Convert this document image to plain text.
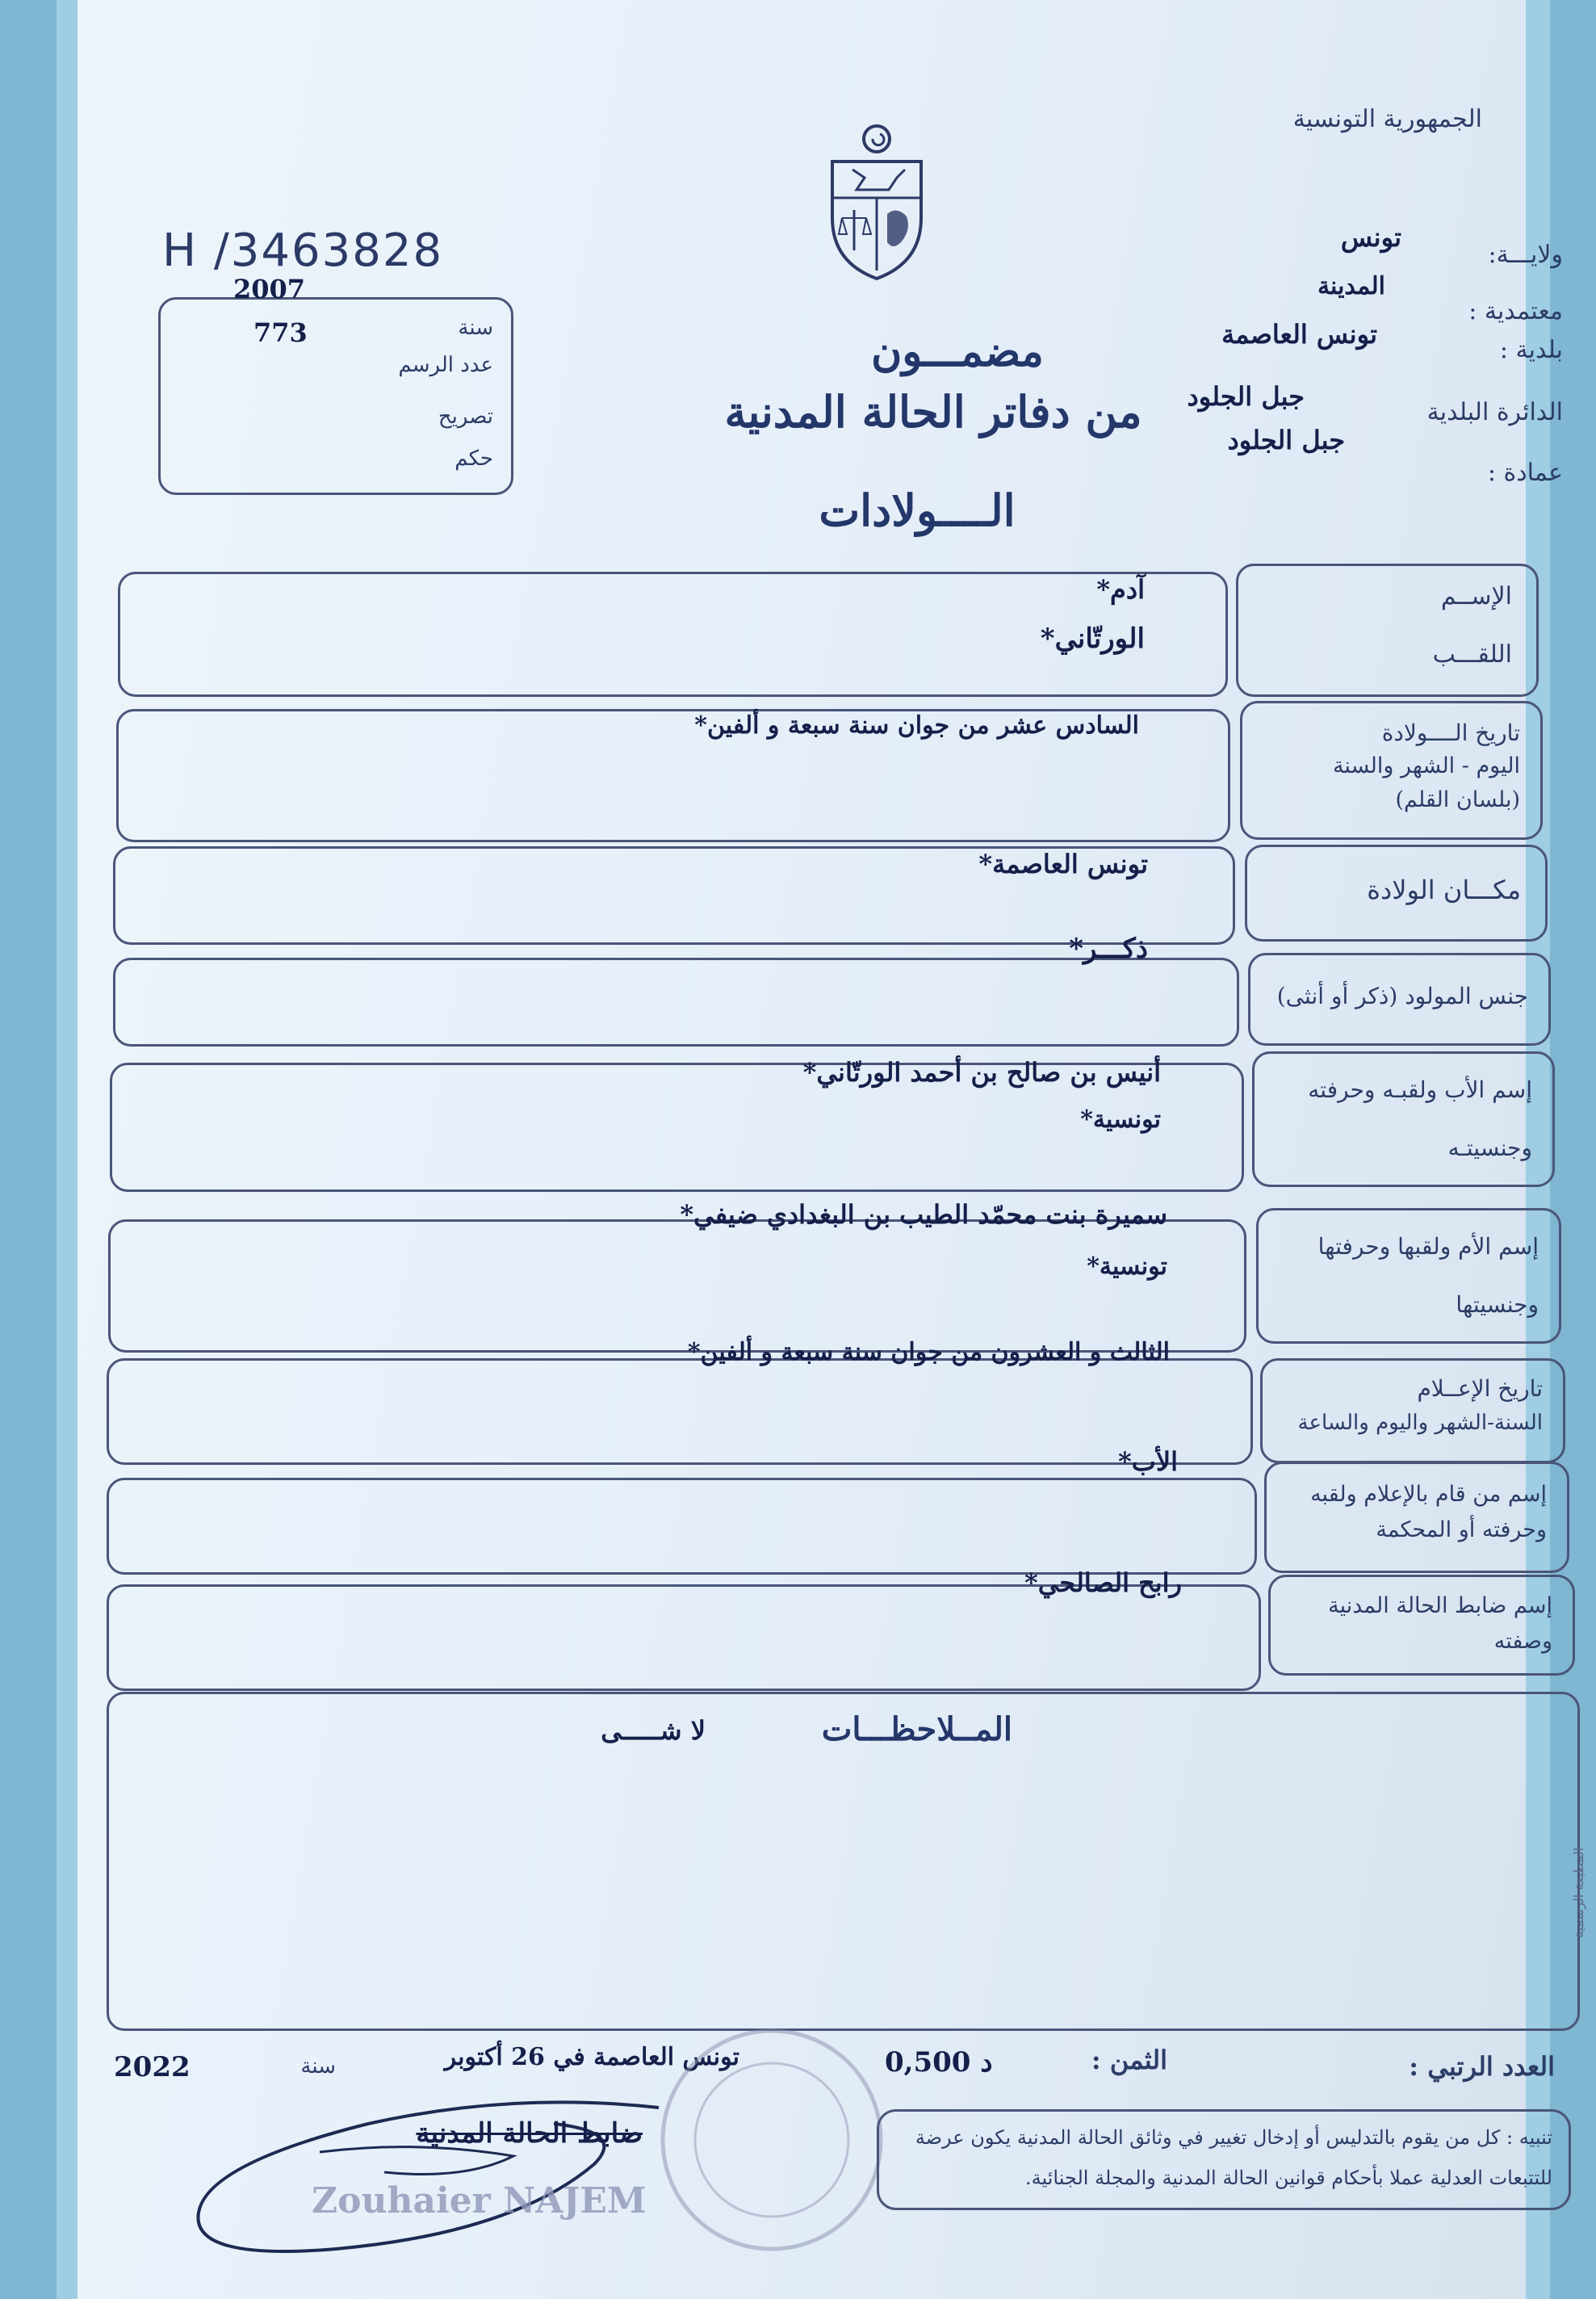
الجمهورية التونسية
H /3463828
سنة
2007
773
عدد الرسم
تصريح
حكم
مضمـــون
من دفاتر الحالة المدنية
الــــولادات
ولايـــة:
معتمدية :
بلدية :
الدائرة البلدية
عمادة :
تونس
المدينة
تونس العاصمة
جبل الجلود
جبل الجلود
آدم*
الورتّاني*
الإســم
اللقـــب
السادس عشر من جوان سنة سبعة و ألفين*	تاريخ الــــولادة
اليوم - الشهر والسنة
(بلسان القلم)
تونس العاصمة*
مكـــان الولادة
ذكـــر*
جنس المولود (ذكر أو أنثى)
أنيس بن صالح بن أحمد الورتّاني*
تونسية*
إسم الأب ولقبـه وحرفته
وجنسيتـه
سميرة بنت محمّد الطيب بن البغدادي ضيفي*
تونسية*
إسم الأم ولقبها وحرفتها
وجنسيتها
الثالث و العشرون من جوان سنة سبعة و ألفين*
تاريخ الإعــلام
السنة-الشهر واليوم والساعة
الأب*
إسم من قام بالإعلام ولقبه
وحرفته أو المحكمة
رابح الصالحي*
إسم ضابط الحالة المدنية
وصفته
المــلاحظـــات
لا شـــــى
المطبعة الرسمية
العدد الرتبي :
الثمن :
0,500 د
تونس العاصمة في 26 أكتوبر
سنة
2022
ضابط الحالة المدنية
Zouhaier NAJEM
تنبيه : كل من يقوم بالتدليس أو إدخال تغيير في وثائق الحالة المدنية يكون عرضة
للتتبعات العدلية عملا بأحكام قوانين الحالة المدنية والمجلة الجنائية.
